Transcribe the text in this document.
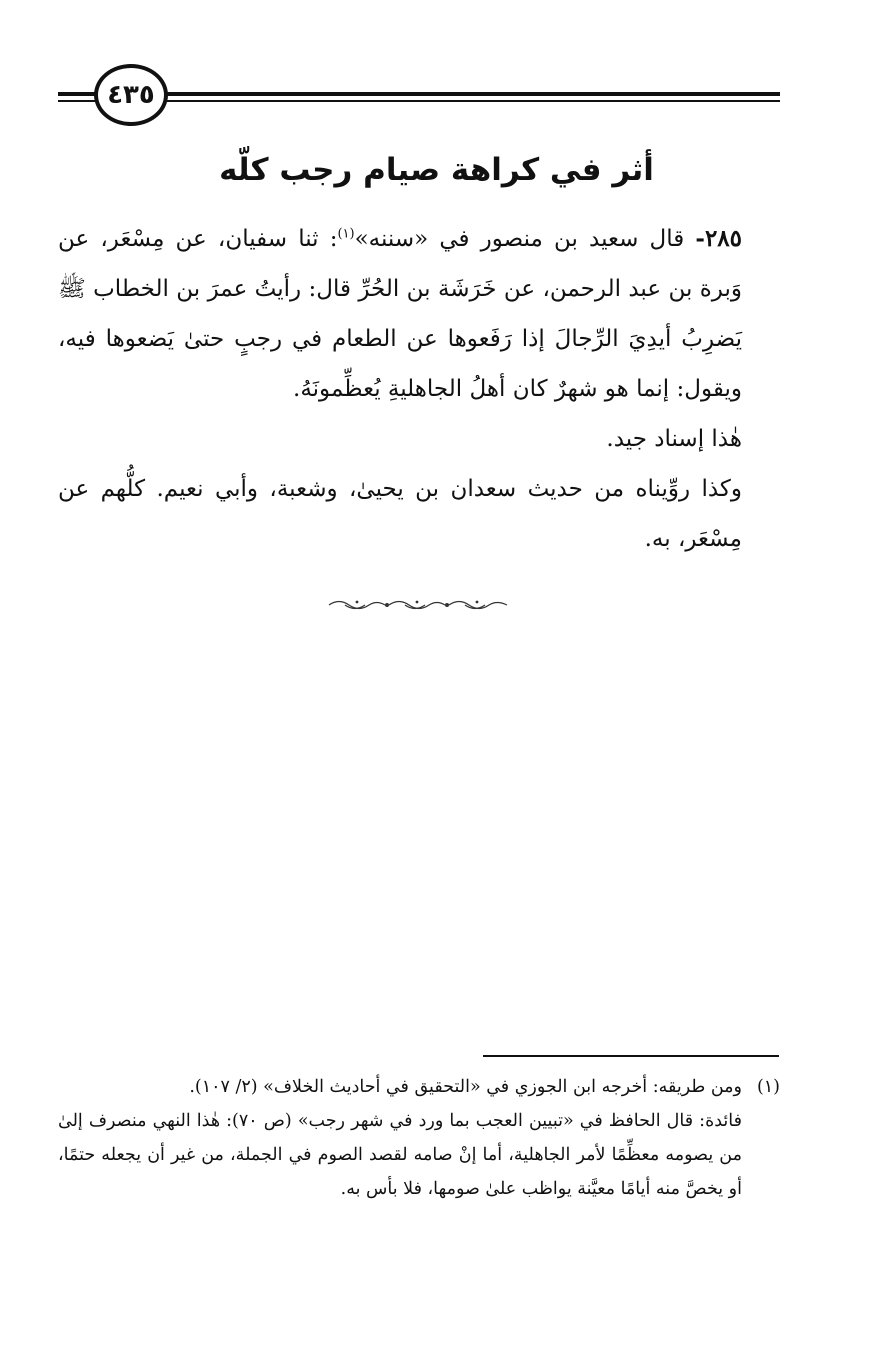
٤٣٥
أثر في كراهة صيام رجب كلّه

٢٨٥- قال سعيد بن منصور في «سننه»$^{(١)}$: ثنا سفيان، عن مِسْعَر، عن وَبرة بن عبد الرحمن، عن خَرَشَة بن الحُرِّ قال: رأيتُ عمرَ بن الخطاب ﷺ يَضرِبُ أيدِيَ الرِّجالَ إذا رَفَعوها عن الطعام في رجبٍ حتىٰ يَضعوها فيه، ويقول: إنما هو شهرٌ كان أهلُ الجاهليةِ يُعظِّمونَهُ.

هٰذا إسناد جيد.

وكذا روِّيناه من حديث سعدان بن يحيىٰ، وشعبة، وأبي نعيم. كلُّهم عن مِسْعَر، به.

(١)ومن طريقه: أخرجه ابن الجوزي في «التحقيق في أحاديث الخلاف» (٢/ ١٠٧).

فائدة: قال الحافظ في «تبيين العجب بما ورد في شهر رجب» (ص ٧٠): هٰذا النهي منصرف إلىٰ من يصومه معظِّمًا لأمر الجاهلية، أما إنْ صامه لقصد الصوم في الجملة، من غير أن يجعله حتمًا، أو يخصَّ منه أيامًا معيَّنة يواظب علىٰ صومها، فلا بأس به.
